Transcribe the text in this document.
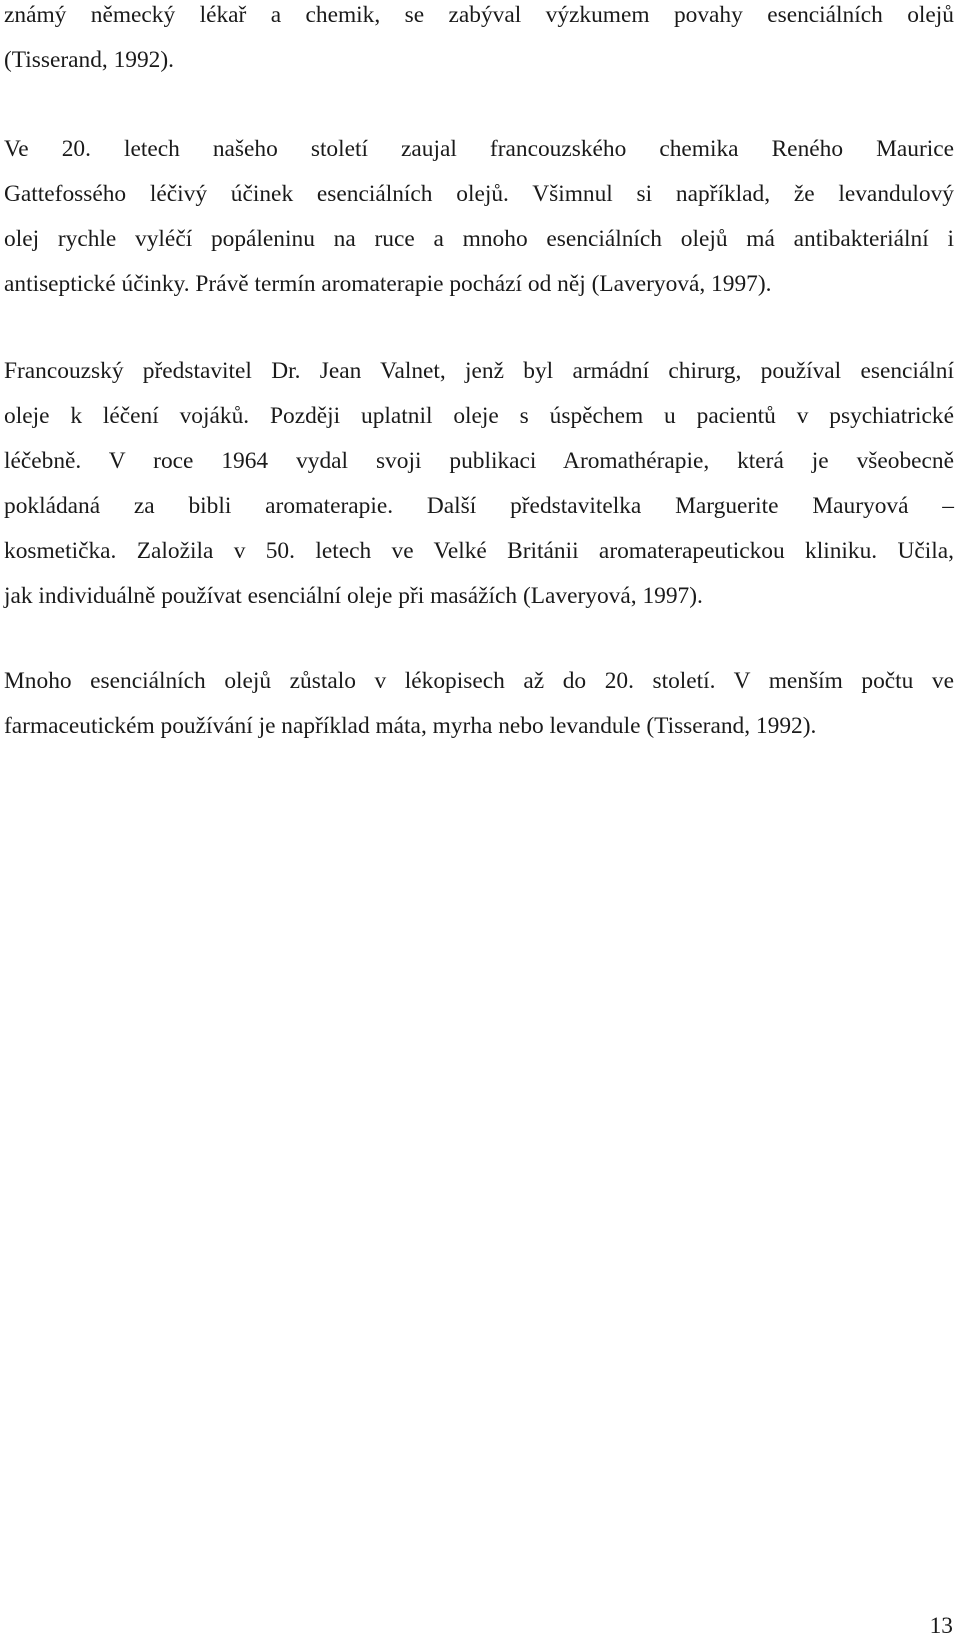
známý německý lékař a chemik, se zabýval výzkumem povahy esenciálních olejů
(Tisserand, 1992).
Ve 20. letech našeho století zaujal francouzského chemika Reného Maurice
Gattefossého léčivý účinek esenciálních olejů. Všimnul si například, že levandulový
olej rychle vyléčí popáleninu na ruce a mnoho esenciálních olejů má antibakteriální i
antiseptické účinky. Právě termín aromaterapie pochází od něj (Laveryová, 1997).
Francouzský představitel Dr. Jean Valnet, jenž byl armádní chirurg, používal esenciální
oleje k léčení vojáků. Později uplatnil oleje s úspěchem u pacientů v psychiatrické
léčebně. V roce 1964 vydal svoji publikaci Aromathérapie, která je všeobecně
pokládaná za bibli aromaterapie. Další představitelka Marguerite Mauryová –
kosmetička. Založila v 50. letech ve Velké Británii aromaterapeutickou kliniku. Učila,
jak individuálně používat esenciální oleje při masážích (Laveryová, 1997).
Mnoho esenciálních olejů zůstalo v lékopisech až do 20. století. V menším počtu ve
farmaceutickém používání je například máta, myrha nebo levandule (Tisserand, 1992).
13
